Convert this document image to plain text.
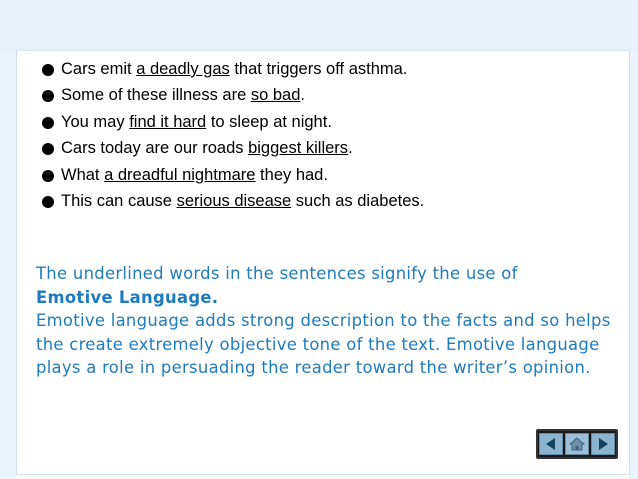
Cars emit a deadly gas that triggers off asthma.
Some of these illness are so bad.
You may find it hard to sleep at night.
Cars today are our roads biggest killers.
What a dreadful nightmare they had.
This can cause serious disease such as diabetes.

The underlined words in the sentences signify the use of
Emotive Language.
Emotive language adds strong description to the facts and so helps the create extremely objective tone of the text. Emotive language plays a role in persuading the reader toward the writer’s opinion.
